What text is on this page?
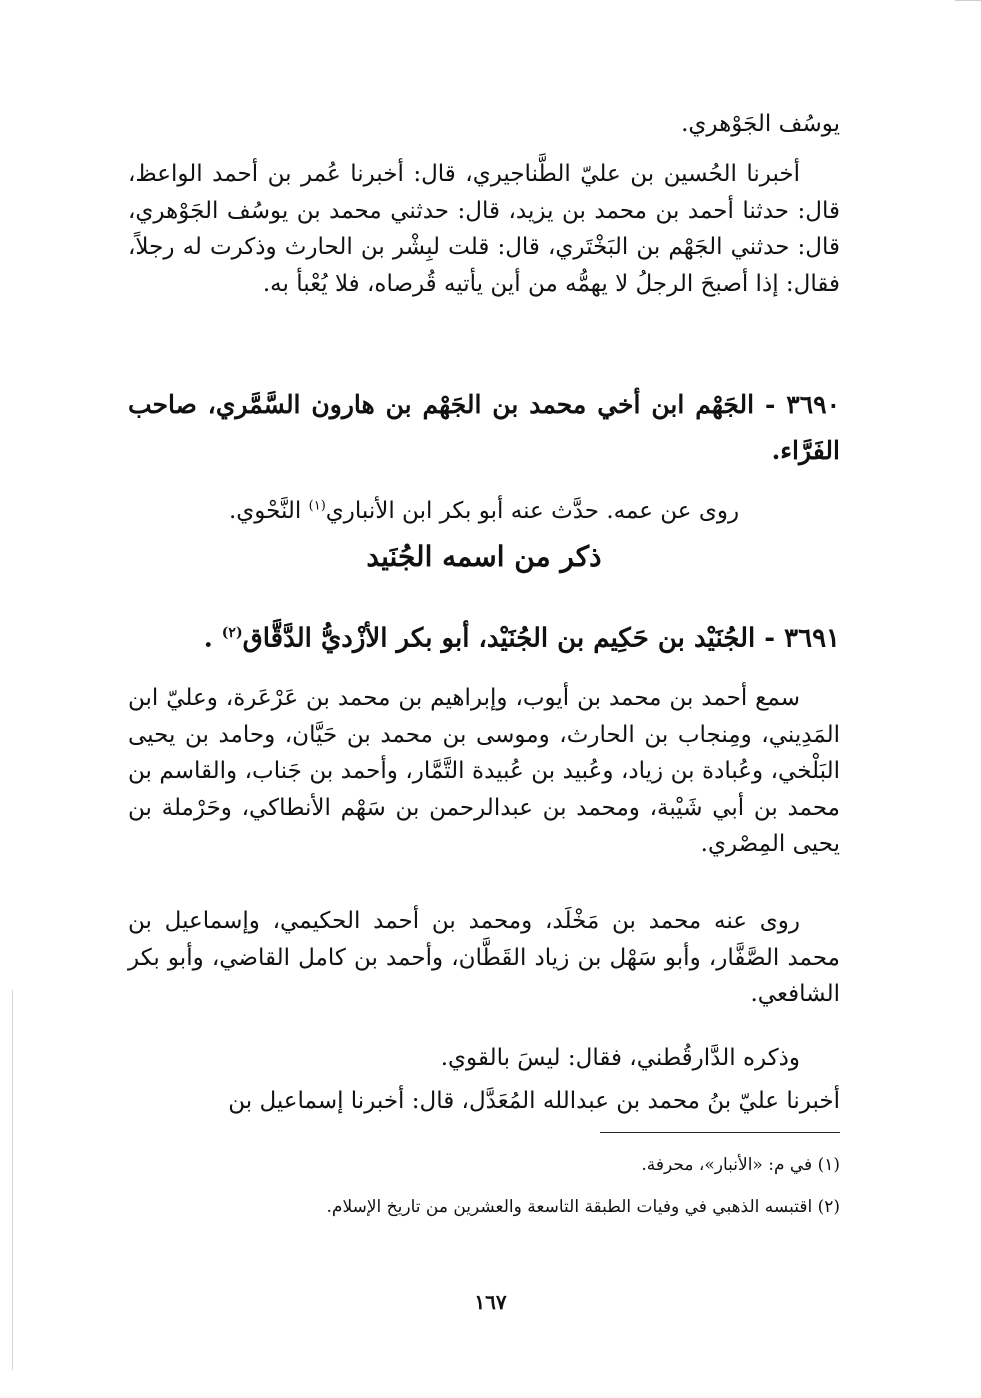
يوسُف الجَوْهري.

أخبرنا الحُسين بن عليّ الطَّناجيري، قال: أخبرنا عُمر بن أحمد الواعظ، قال: حدثنا أحمد بن محمد بن يزيد، قال: حدثني محمد بن يوسُف الجَوْهري، قال: حدثني الجَهْم بن البَخْتَري، قال: قلت لبِشْر بن الحارث وذكرت له رجلاً، فقال: إذا أصبحَ الرجلُ لا يهمُّه من أين يأتيه قُرصاه، فلا يُعْبأ به.

٣٦٩٠ - الجَهْم ابن أخي محمد بن الجَهْم بن هارون السَّمَّري، صاحب الفَرَّاء.
روى عن عمه. حدَّث عنه أبو بكر ابن الأنباري$^{(١)}$ النَّحْوي.
ذكر من اسمه الجُنَيد
٣٦٩١ - الجُنَيْد بن حَكِيم بن الجُنَيْد، أبو بكر الأزْديُّ الدَّقَّاق$^{(٢)}$ .

سمع أحمد بن محمد بن أيوب، وإبراهيم بن محمد بن عَرْعَرة، وعليّ ابن المَدِيني، ومِنجاب بن الحارث، وموسى بن محمد بن حَيَّان، وحامد بن يحيى البَلْخي، وعُبادة بن زياد، وعُبيد بن عُبيدة التَّمَّار، وأحمد بن جَناب، والقاسم بن محمد بن أبي شَيْبة، ومحمد بن عبدالرحمن بن سَهْم الأنطاكي، وحَرْملة بن يحيى المِصْري.

روى عنه محمد بن مَخْلَد، ومحمد بن أحمد الحكيمي، وإسماعيل بن محمد الصَّفَّار، وأبو سَهْل بن زياد القَطَّان، وأحمد بن كامل القاضي، وأبو بكر الشافعي.

وذكره الدَّارقُطني، فقال: ليسَ بالقوي.

أخبرنا عليّ بنُ محمد بن عبدالله المُعَدَّل، قال: أخبرنا إسماعيل بن

(١) في م: «الأنبار»، محرفة.
(٢) اقتبسه الذهبي في وفيات الطبقة التاسعة والعشرين من تاريخ الإسلام.
١٦٧
